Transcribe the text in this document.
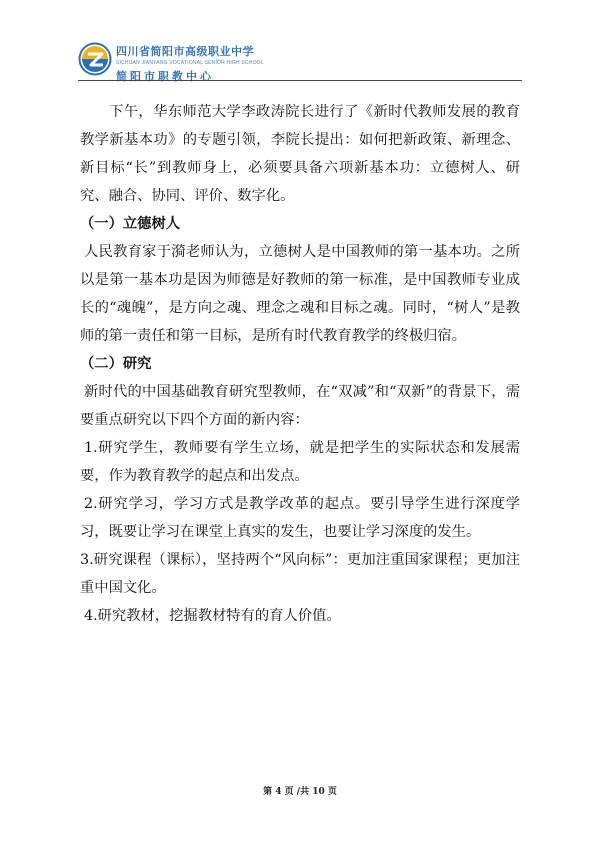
四川省简阳市高级职业中学
SICHUAN JIANYANG VOCATIONAL SENIOR HIGH SCHOOL
简阳市职教中心

下午，华东师范大学李政涛院长进行了《新时代教师发展的教育教学新基本功》的专题引领，李院长提出：如何把新政策、新理念、新目标“长”到教师身上，必须要具备六项新基本功：立德树人、研究、融合、协同、评价、数字化。

（一）立德树人

人民教育家于漪老师认为，立德树人是中国教师的第一基本功。之所以是第一基本功是因为师德是好教师的第一标准，是中国教师专业成长的“魂魄”，是方向之魂、理念之魂和目标之魂。同时，“树人”是教师的第一责任和第一目标，是所有时代教育教学的终极归宿。

（二）研究

新时代的中国基础教育研究型教师，在“双减”和“双新”的背景下，需要重点研究以下四个方面的新内容：

1.研究学生，教师要有学生立场，就是把学生的实际状态和发展需要，作为教育教学的起点和出发点。

2.研究学习，学习方式是教学改革的起点。要引导学生进行深度学习，既要让学习在课堂上真实的发生，也要让学习深度的发生。

3.研究课程（课标），坚持两个“风向标”：更加注重国家课程；更加注重中国文化。

4.研究教材，挖掘教材特有的育人价值。

第 4 页 /共 10 页
